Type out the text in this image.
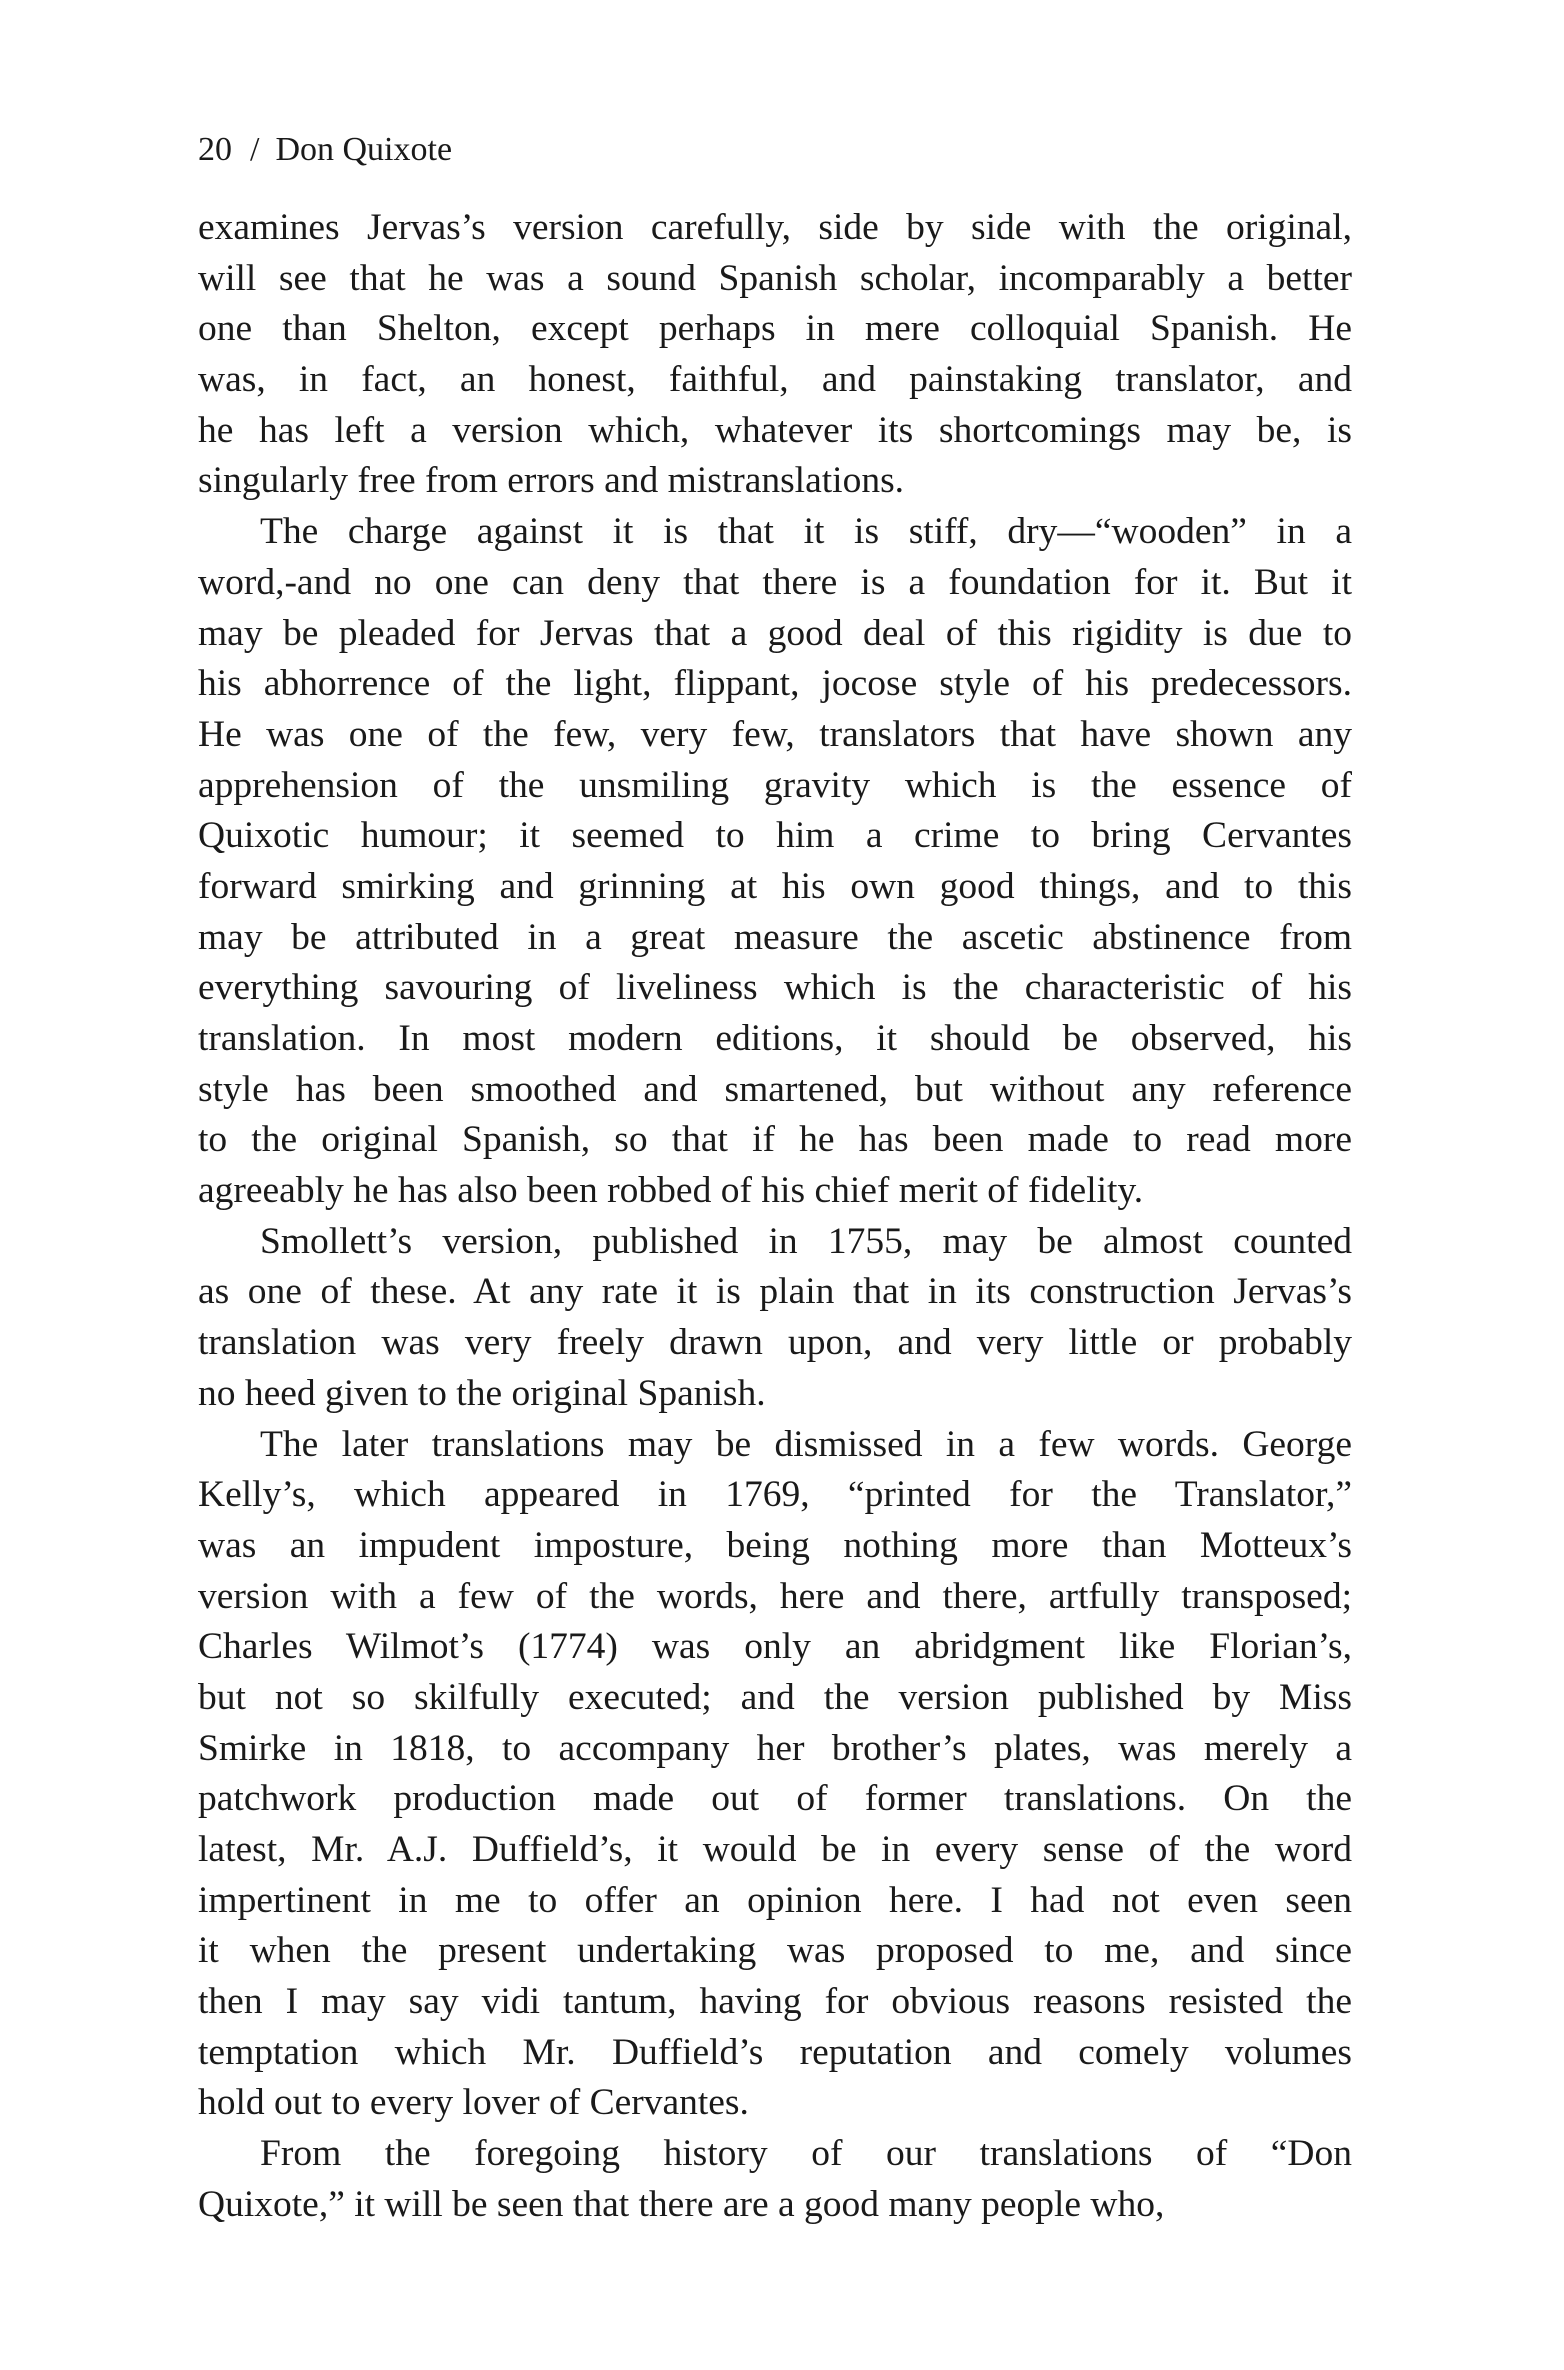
20 / Don Quixote
examines Jervas’s version carefully, side by side with the original,
will see that he was a sound Spanish scholar, incomparably a better
one than Shelton, except perhaps in mere colloquial Spanish. He
was, in fact, an honest, faithful, and painstaking translator, and
he has left a version which, whatever its shortcomings may be, is
singularly free from errors and mistranslations.
The charge against it is that it is stiff, dry—“wooden” in a
word,-and no one can deny that there is a foundation for it. But it
may be pleaded for Jervas that a good deal of this rigidity is due to
his abhorrence of the light, flippant, jocose style of his predecessors.
He was one of the few, very few, translators that have shown any
apprehension of the unsmiling gravity which is the essence of
Quixotic humour; it seemed to him a crime to bring Cervantes
forward smirking and grinning at his own good things, and to this
may be attributed in a great measure the ascetic abstinence from
everything savouring of liveliness which is the characteristic of his
translation. In most modern editions, it should be observed, his
style has been smoothed and smartened, but without any reference
to the original Spanish, so that if he has been made to read more
agreeably he has also been robbed of his chief merit of fidelity.
Smollett’s version, published in 1755, may be almost counted
as one of these. At any rate it is plain that in its construction Jervas’s
translation was very freely drawn upon, and very little or probably
no heed given to the original Spanish.
The later translations may be dismissed in a few words. George
Kelly’s, which appeared in 1769, “printed for the Translator,”
was an impudent imposture, being nothing more than Motteux’s
version with a few of the words, here and there, artfully transposed;
Charles Wilmot’s (1774) was only an abridgment like Florian’s,
but not so skilfully executed; and the version published by Miss
Smirke in 1818, to accompany her brother’s plates, was merely a
patchwork production made out of former translations. On the
latest, Mr. A.J. Duffield’s, it would be in every sense of the word
impertinent in me to offer an opinion here. I had not even seen
it when the present undertaking was proposed to me, and since
then I may say vidi tantum, having for obvious reasons resisted the
temptation which Mr. Duffield’s reputation and comely volumes
hold out to every lover of Cervantes.
From the foregoing history of our translations of “Don
Quixote,” it will be seen that there are a good many people who,
